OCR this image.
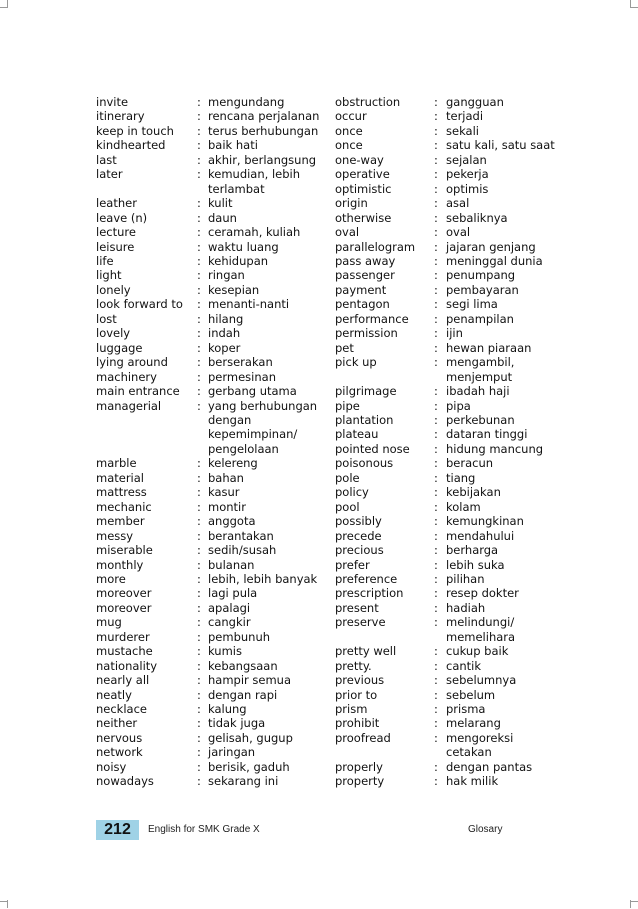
invite	: mengundang
itinerary	: rencana perjalanan
keep in touch : terus berhubungan
kindhearted	: baik hati
last	: akhir, berlangsung
later	: kemudian, lebih
terlambat
leather	: kulit
leave (n)	: daun
lecture	: ceramah, kuliah
leisure	: waktu luang
life	: kehidupan
light	: ringan
lonely	: kesepian
look forward to : menanti-nanti
lost	: hilang
lovely	: indah
luggage	: koper
lying around	: berserakan
machinery	: permesinan
main entrance : gerbang utama
managerial	: yang berhubungan
dengan
kepemimpinan/
pengelolaan
marble	: kelereng
material	: bahan
mattress	: kasur
mechanic	: montir
member	: anggota
messy	: berantakan
miserable	: sedih/susah
monthly	: bulanan
more	: lebih, lebih banyak
moreover	: lagi pula
moreover	: apalagi
mug	: cangkir
murderer	: pembunuh
mustache	: kumis
nationality	: kebangsaan
nearly all	: hampir semua
neatly	: dengan rapi
necklace	: kalung
neither	: tidak juga
nervous	: gelisah, gugup
network	: jaringan
noisy	: berisik, gaduh
nowadays	: sekarang ini
obstruction	: gangguan
occur	: terjadi
once	: sekali
once	: satu kali, satu saat
one-way	: sejalan
operative	: pekerja
optimistic	: optimis
origin	: asal
otherwise	: sebaliknya
oval	: oval
parallelogram : jajaran genjang
pass away	: meninggal dunia
passenger	: penumpang
payment	: pembayaran
pentagon	: segi lima
performance : penampilan
permission	: ijin
pet	: hewan piaraan
pick up	: mengambil,
menjemput
pilgrimage	: ibadah haji
pipe	: pipa
plantation	: perkebunan
plateau	: dataran tinggi
pointed nose : hidung mancung
poisonous	: beracun
pole	: tiang
policy	: kebijakan
pool	: kolam
possibly	: kemungkinan
precede	: mendahului
precious	: berharga
prefer	: lebih suka
preference	: pilihan
prescription	: resep dokter
present	: hadiah
preserve	: melindungi/
memelihara
pretty well	: cukup baik
pretty.	: cantik
previous	: sebelumnya
prior to	: sebelum
prism	: prisma
prohibit	: melarang
proofread	: mengoreksi
cetakan
properly	: dengan pantas
property	: hak milik
212	English for SMK Grade X	Glosary
